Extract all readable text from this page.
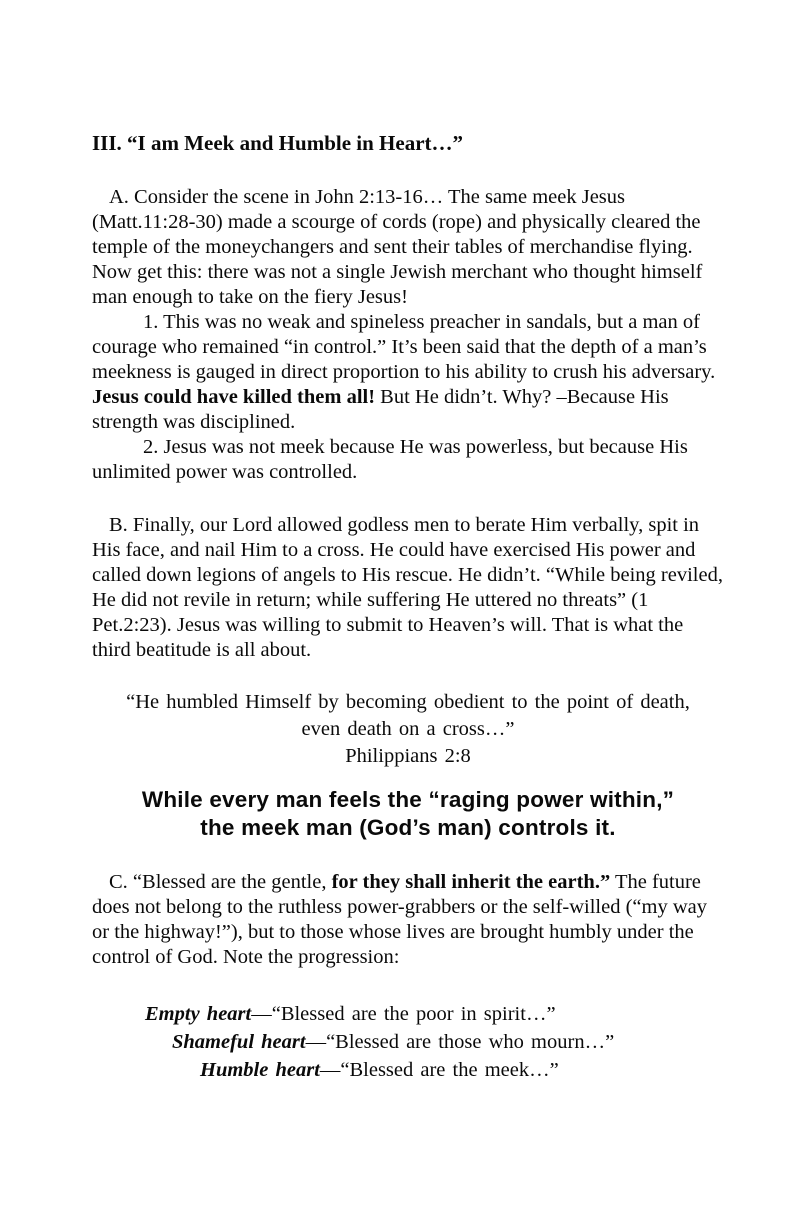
III. “I am Meek and Humble in Heart…”

A. Consider the scene in John 2:13-16… The same meek Jesus (Matt.11:28-30) made a scourge of cords (rope) and physically cleared the temple of the moneychangers and sent their tables of merchandise flying. Now get this: there was not a single Jewish merchant who thought himself man enough to take on the fiery Jesus!

1. This was no weak and spineless preacher in sandals, but a man of courage who remained “in control.” It’s been said that the depth of a man’s meekness is gauged in direct proportion to his ability to crush his adversary. Jesus could have killed them all! But He didn’t. Why? –Because His strength was disciplined.

2. Jesus was not meek because He was powerless, but because His unlimited power was controlled.

B. Finally, our Lord allowed godless men to berate Him verbally, spit in His face, and nail Him to a cross. He could have exercised His power and called down legions of angels to His rescue. He didn’t. “While being reviled, He did not revile in return; while suffering He uttered no threats” (1 Pet.2:23). Jesus was willing to submit to Heaven’s will. That is what the third beatitude is all about.

“He humbled Himself by becoming obedient to the point of death,
even death on a cross…”
Philippians 2:8
While every man feels the “raging power within,”
the meek man (God’s man) controls it.

C. “Blessed are the gentle, for they shall inherit the earth.” The future does not belong to the ruthless power-grabbers or the self-willed (“my way or the highway!”), but to those whose lives are brought humbly under the control of God. Note the progression:

Empty heart—“Blessed are the poor in spirit…”
Shameful heart—“Blessed are those who mourn…”
Humble heart—“Blessed are the meek…”
